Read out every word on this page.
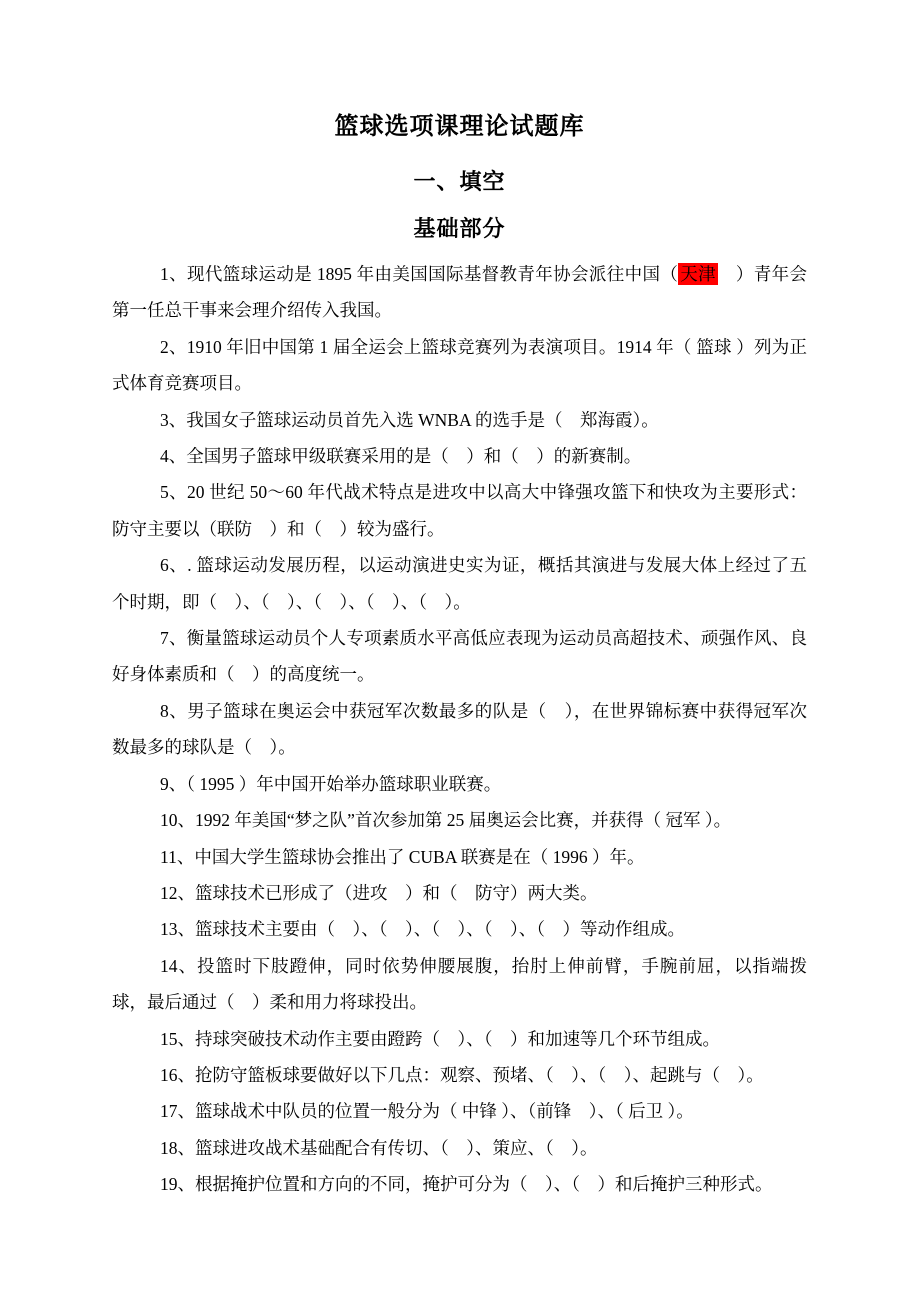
篮球选项课理论试题库
一、填空
基础部分

1、现代篮球运动是 1895 年由美国国际基督教青年协会派往中国（ 天津　）青年会第一任总干事来会理介绍传入我国。

2、1910 年旧中国第 1 届全运会上篮球竞赛列为表演项目。1914 年（ 篮球 ）列为正式体育竞赛项目。

3、我国女子篮球运动员首先入选 WNBA 的选手是（　郑海霞）。

4、全国男子篮球甲级联赛采用的是（　）和（　）的新赛制。

5、20 世纪 50～60 年代战术特点是进攻中以高大中锋强攻篮下和快攻为主要形式：防守主要以（联防　）和（　）较为盛行。

6、. 篮球运动发展历程，以运动演进史实为证，概括其演进与发展大体上经过了五个时期，即（　）、（　）、（　）、（　）、（　）。

7、衡量篮球运动员个人专项素质水平高低应表现为运动员高超技术、顽强作风、良好身体素质和（　）的高度统一。

8、男子篮球在奥运会中获冠军次数最多的队是（　），在世界锦标赛中获得冠军次数最多的球队是（　）。

9、（ 1995 ）年中国开始举办篮球职业联赛。

10、1992 年美国“梦之队”首次参加第 25 届奥运会比赛，并获得（ 冠军 ）。

11、中国大学生篮球协会推出了 CUBA 联赛是在（ 1996 ）年。

12、篮球技术已形成了（进攻　）和（　防守）两大类。

13、篮球技术主要由（　）、（　）、（　）、（　）、（　）等动作组成。

14、投篮时下肢蹬伸，同时依势伸腰展腹，抬肘上伸前臂，手腕前屈，以指端拨球，最后通过（　）柔和用力将球投出。

15、持球突破技术动作主要由蹬跨（　）、（　）和加速等几个环节组成。

16、抢防守篮板球要做好以下几点：观察、预堵、（　）、（　）、起跳与（　）。

17、篮球战术中队员的位置一般分为（ 中锋 ）、（前锋　）、（ 后卫 ）。

18、篮球进攻战术基础配合有传切、（　）、策应、（　）。

19、根据掩护位置和方向的不同，掩护可分为（　）、（　）和后掩护三种形式。
